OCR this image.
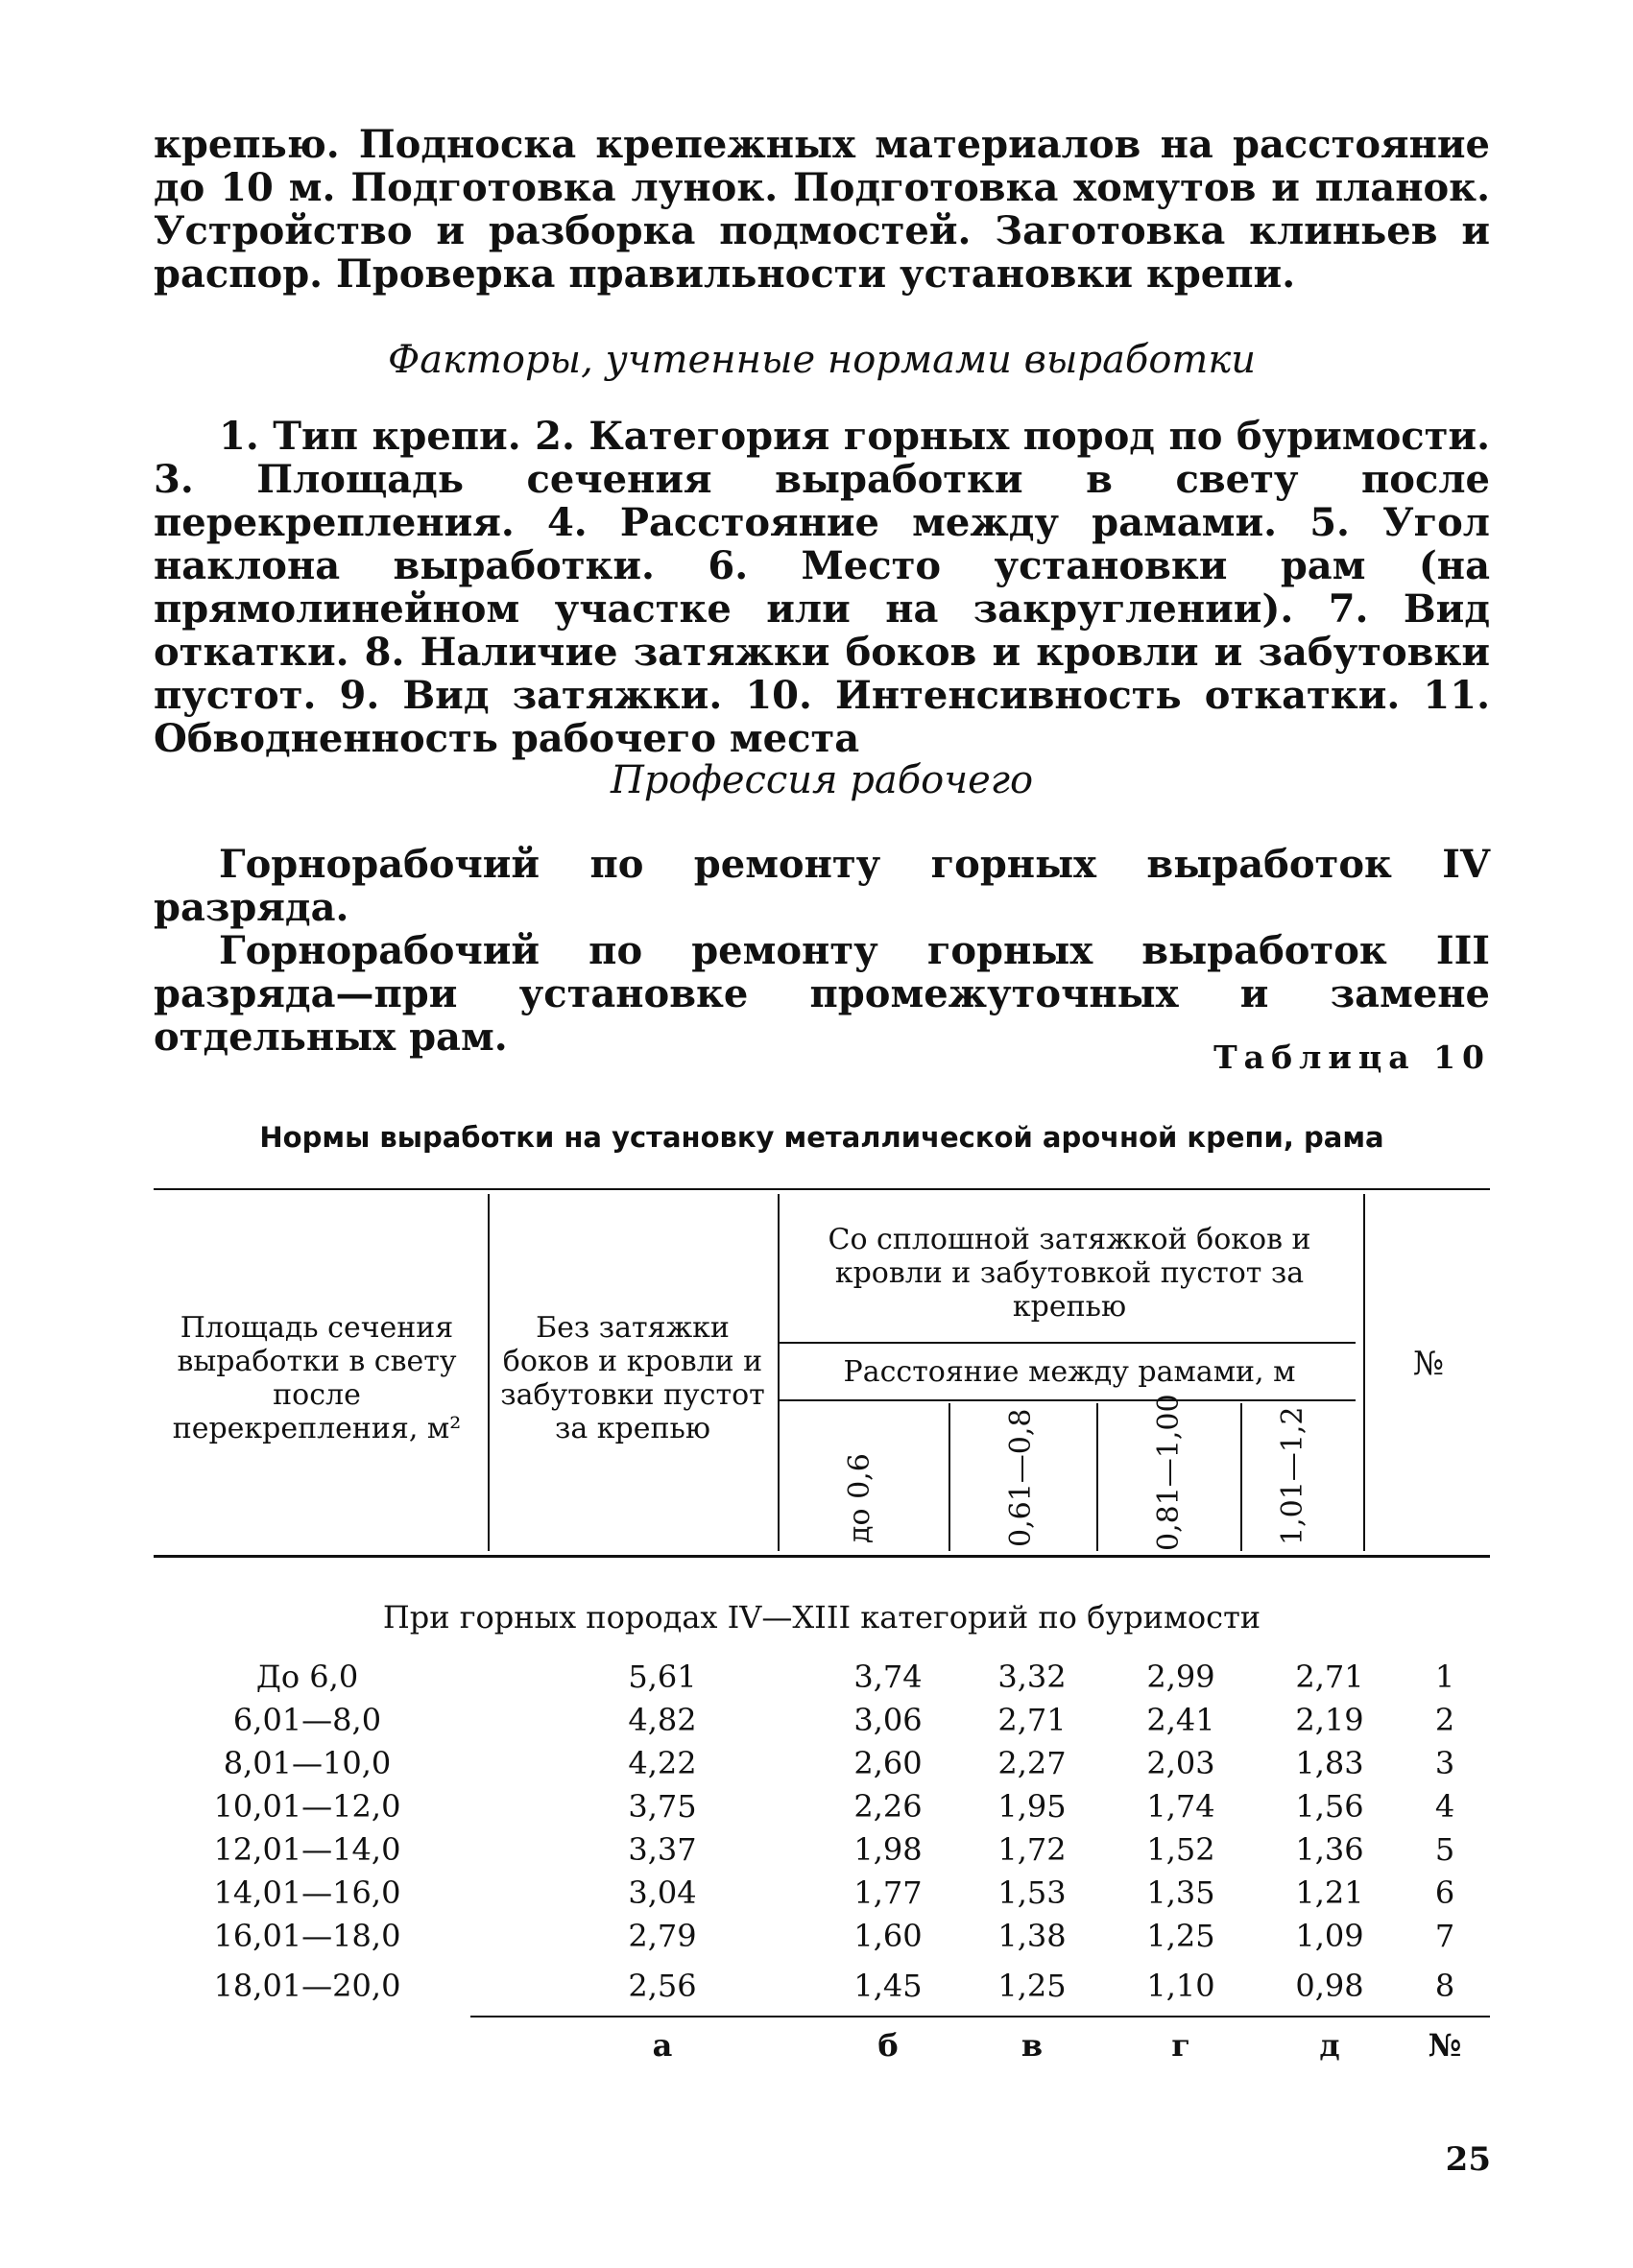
крепью. Подноска крепежных материалов на расстояние до 10 м. Подготовка лунок. Подготовка хомутов и планок. Устройство и разборка подмостей. Заготовка клиньев и распор. Проверка правильности установки крепи.

Факторы, учтенные нормами выработки

1. Тип крепи. 2. Категория горных пород по буримости. 3. Площадь сечения выработки в свету после перекрепления. 4. Расстояние между рамами. 5. Угол наклона выработки. 6. Место установки рам (на прямолинейном участке или на закруглении). 7. Вид откатки. 8. Наличие затяжки боков и кровли и забутовки пустот. 9. Вид затяжки. 10. Интенсивность откатки. 11. Обводненность рабочего места

Профессия рабочего

Горнорабочий по ремонту горных выработок IV разряда.

Горнорабочий по ремонту горных выработок III разряда—при установке промежуточных и замене отдельных рам.	Таблица 10
Нормы выработки на установку металлической арочной крепи, рама
Площадь сечения выработки в свету после перекрепления, м²
Без затяжки боков и кровли и забутовки пустот за крепью
Со сплошной затяжкой боков и кровли и забутовкой пустот за крепью
Расстояние между рамами, м	№
до 0,6	0,61—0,8	0,81—1,00	1,01—1,2
При горных породах IV—XIII категорий по буримости
До 6,0	5,61	3,74	3,32	2,99	2,71	1
6,01—8,0	4,82	3,06	2,71	2,41	2,19	2
8,01—10,0	4,22	2,60	2,27	2,03	1,83	3
10,01—12,0	3,75	2,26	1,95	1,74	1,56	4
12,01—14,0	3,37	1,98	1,72	1,52	1,36	5
14,01—16,0	3,04	1,77	1,53	1,35	1,21	6
16,01—18,0	2,79	1,60	1,38	1,25	1,09	7
18,01—20,0	2,56	1,45	1,25	1,10	0,98	8
а	б	в	г	д	№
25
